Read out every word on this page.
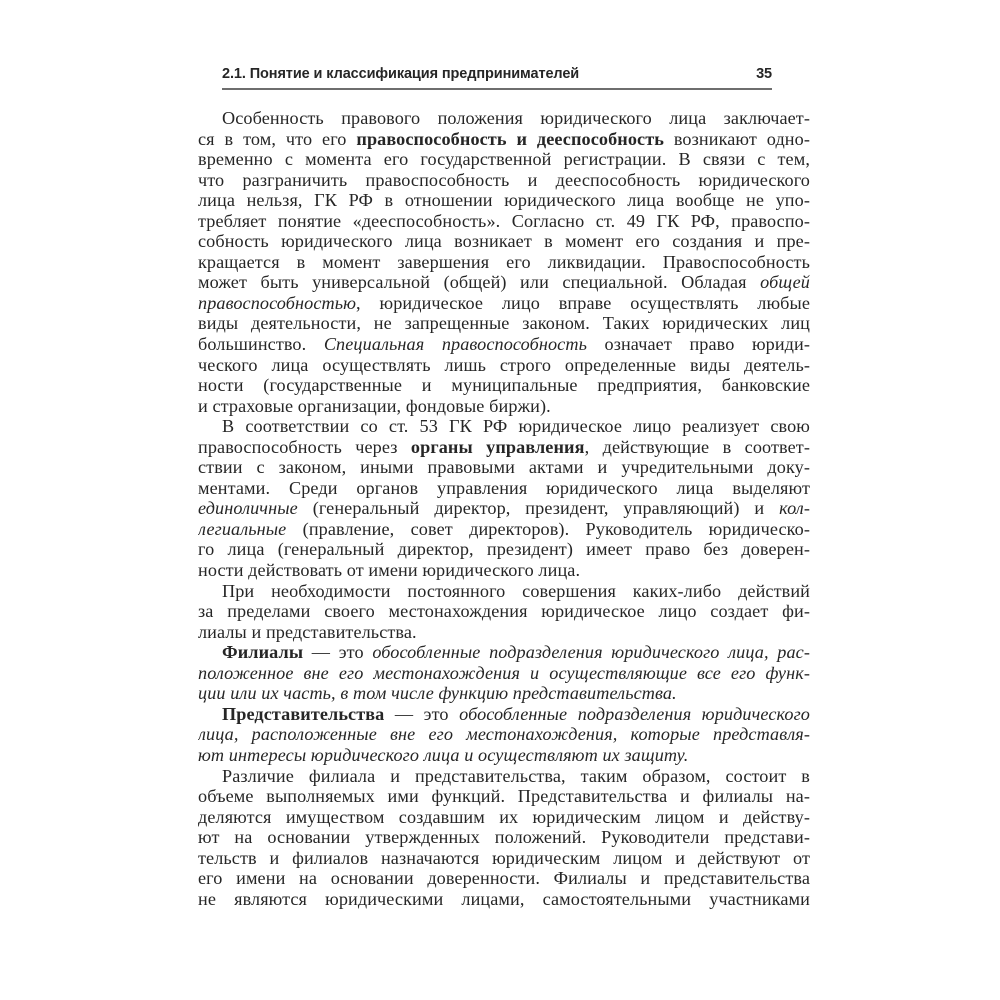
2.1. Понятие и классификация предпринимателей	35
Особенность правового положения юридического лица заключает-
ся в том, что его правоспособность и дееспособность возникают одно-
временно с момента его государственной регистрации. В связи с тем,
что разграничить правоспособность и дееспособность юридического
лица нельзя, ГК РФ в отношении юридического лица вообще не упо-
требляет понятие «дееспособность». Согласно ст. 49 ГК РФ, правоспо-
собность юридического лица возникает в момент его создания и пре-
кращается в момент завершения его ликвидации. Правоспособность
может быть универсальной (общей) или специальной. Обладая общей
правоспособностью, юридическое лицо вправе осуществлять любые
виды деятельности, не запрещенные законом. Таких юридических лиц
большинство. Специальная правоспособность означает право юриди-
ческого лица осуществлять лишь строго определенные виды деятель-
ности (государственные и муниципальные предприятия, банковские
и страховые организации, фондовые биржи).
В соответствии со ст. 53 ГК РФ юридическое лицо реализует свою
правоспособность через органы управления, действующие в соответ-
ствии с законом, иными правовыми актами и учредительными доку-
ментами. Среди органов управления юридического лица выделяют
единоличные (генеральный директор, президент, управляющий) и кол-
легиальные (правление, совет директоров). Руководитель юридическо-
го лица (генеральный директор, президент) имеет право без доверен-
ности действовать от имени юридического лица.
При необходимости постоянного совершения каких-либо действий
за пределами своего местонахождения юридическое лицо создает фи-
лиалы и представительства.
Филиалы — это обособленные подразделения юридического лица, рас-
положенное вне его местонахождения и осуществляющие все его функ-
ции или их часть, в том числе функцию представительства.
Представительства — это обособленные подразделения юридического
лица, расположенные вне его местонахождения, которые представля-
ют интересы юридического лица и осуществляют их защиту.
Различие филиала и представительства, таким образом, состоит в
объеме выполняемых ими функций. Представительства и филиалы на-
деляются имуществом создавшим их юридическим лицом и действу-
ют на основании утвержденных положений. Руководители представи-
тельств и филиалов назначаются юридическим лицом и действуют от
его имени на основании доверенности. Филиалы и представительства
не являются юридическими лицами, самостоятельными участниками
